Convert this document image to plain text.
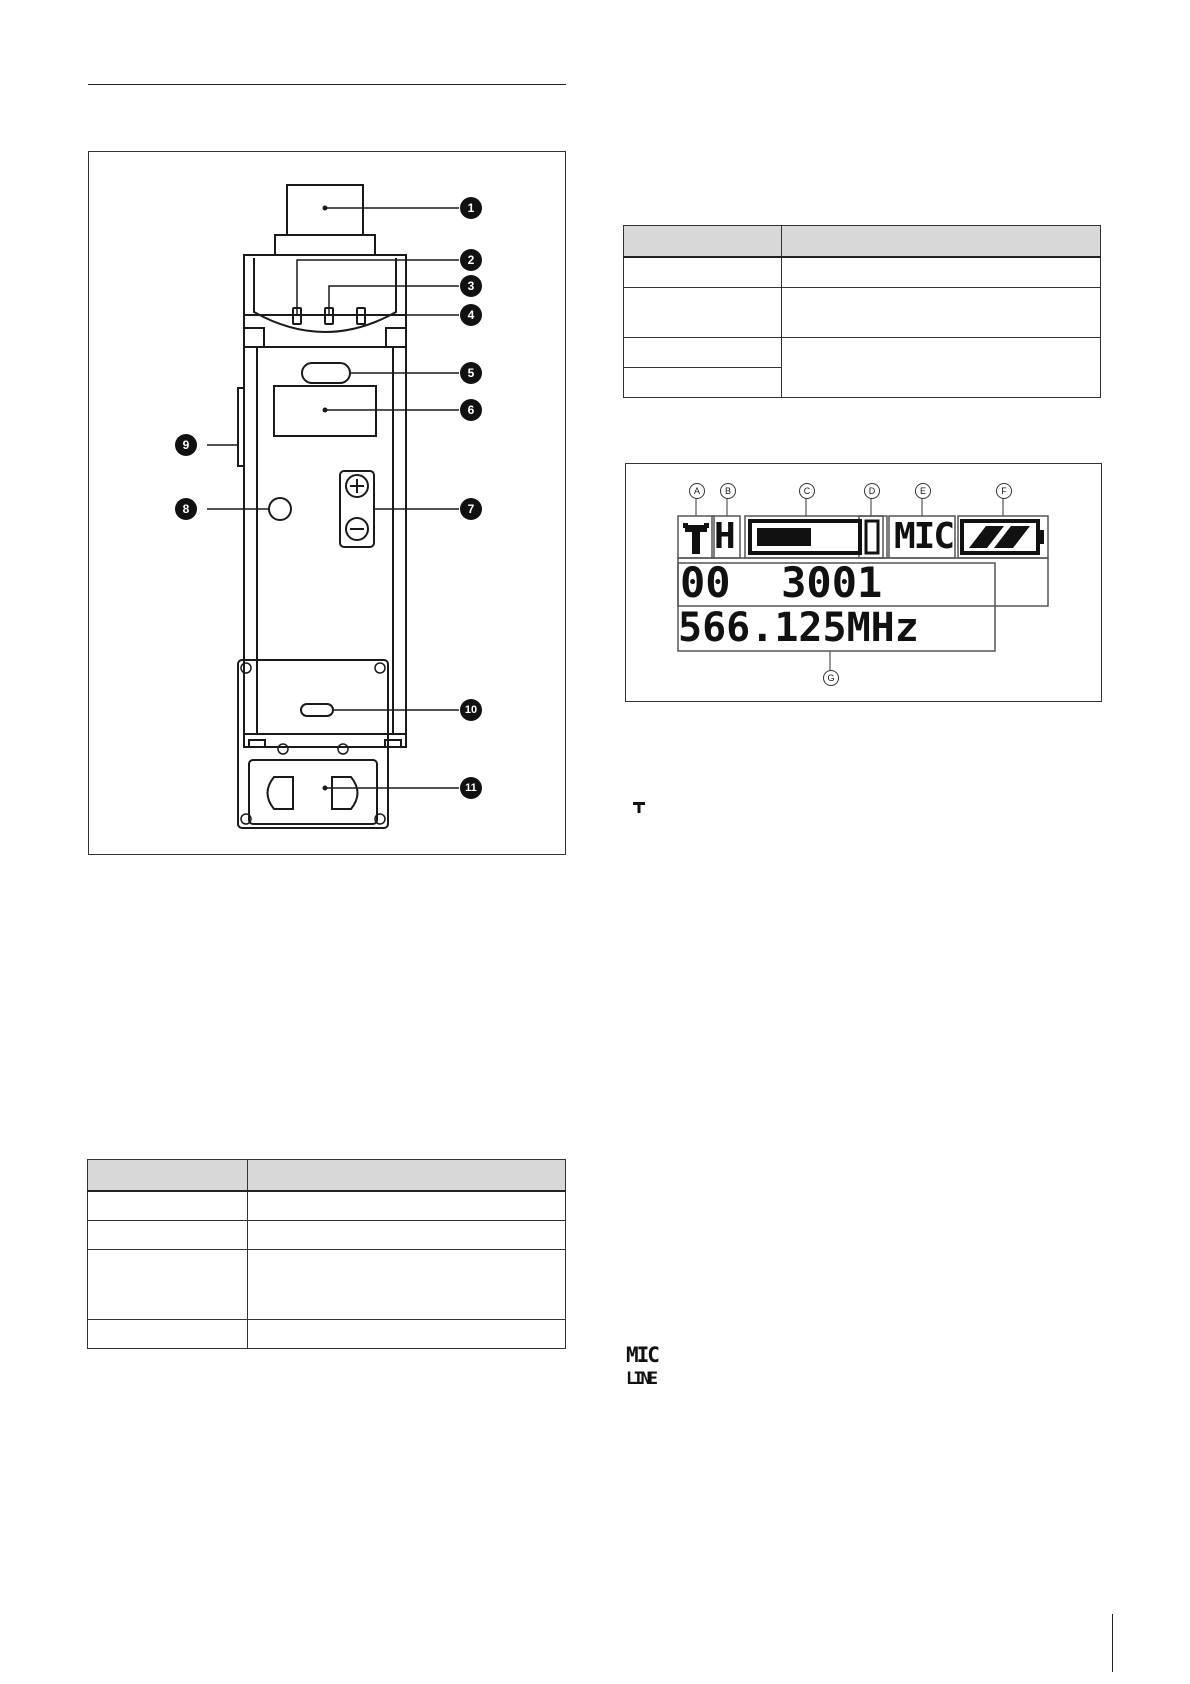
1
2
3
4
5
6
7
8
9
10
11

H	MIC
00  3001
566.125MHz
A	B	C	D	E	F
G
MIC
LINE
